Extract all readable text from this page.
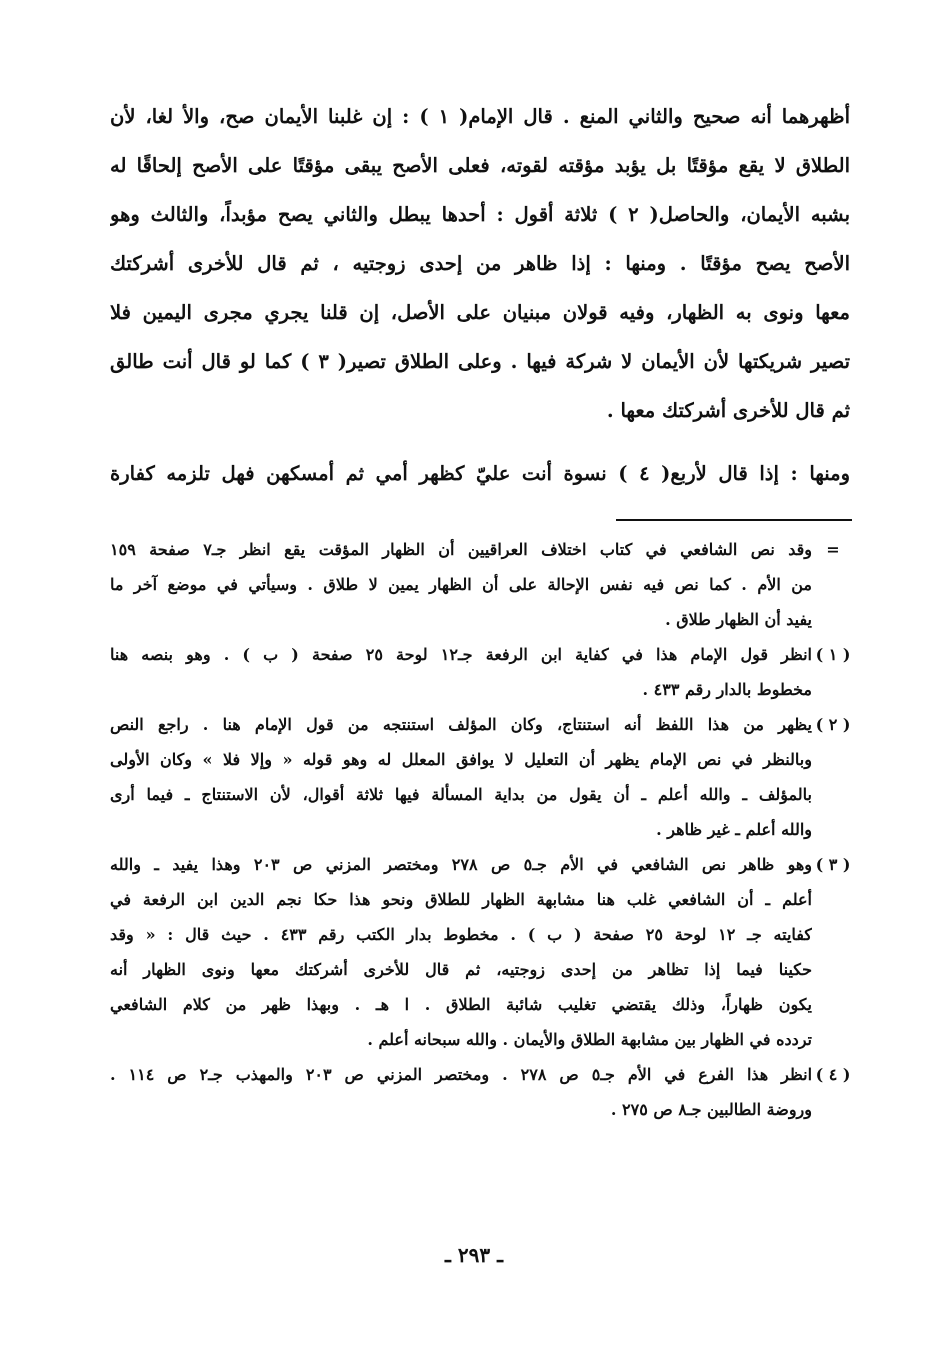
أظهرهما أنه صحيح والثاني المنع . قال الإمام( ١ ) : إن غلبنا الأيمان صح، والأ لغا، لأن
الطلاق لا يقع مؤقتًا بل يؤبد مؤقته لقوته، فعلى الأصح يبقى مؤقتًا على الأصح إلحاقًا له
بشبه الأيمان، والحاصل( ٢ ) ثلاثة أقول : أحدها يبطل والثاني يصح مؤبداً، والثالث وهو
الأصح يصح مؤقتًا . ومنها : إذا ظاهر من إحدى زوجتيه ، ثم قال للأخرى أشركتك
معها ونوى به الظهار، وفيه قولان مبنيان على الأصل، إن قلنا يجري مجرى اليمين فلا
تصير شريكتها لأن الأيمان لا شركة فيها . وعلى الطلاق تصير( ٣ ) كما لو قال أنت طالق
ثم قال للأخرى أشركتك معها .
ومنها : إذا قال لأربع( ٤ ) نسوة أنت عليّ كظهر أمي ثم أمسكهن فهل تلزمه كفارة
=
وقد نص الشافعي في كتاب اختلاف العراقيين أن الظهار المؤقت يقع انظر جـ٧ صفحة ١٥٩
من الأم . كما نص فيه نفس الإحالة على أن الظهار يمين لا طلاق . وسيأتي في موضع آخر ما
يفيد أن الظهار طلاق .
( ١ )
انظر قول الإمام هذا في كفاية ابن الرفعة جـ١٢ لوحة ٢٥ صفحة ( ب ) . وهو بنصه هنا
مخطوط بالدار رقم ٤٣٣ .
( ٢ )
يظهر من هذا اللفظ أنه استنتاج، وكان المؤلف استنتجه من قول الإمام هنا . راجع النص
وبالنظر في نص الإمام يظهر أن التعليل لا يوافق المعلل له وهو قوله « وإلا فلا » وكان الأولى
بالمؤلف ـ والله أعلم ـ أن يقول من بداية المسألة فيها ثلاثة أقوال، لأن الاستنتاج ـ فيما أرى
والله أعلم ـ غير ظاهر .
( ٣ )
وهو ظاهر نص الشافعي في الأم جـ٥ ص ٢٧٨ ومختصر المزني ص ٢٠٣ وهذا يفيد ـ والله
أعلم ـ أن الشافعي غلب هنا مشابهة الظهار للطلاق ونحو هذا حكا نجم الدين ابن الرفعة في
كفايته جـ ١٢ لوحة ٢٥ صفحة ( ب ) . مخطوط بدار الكتب رقم ٤٣٣ . حيث قال : « وقد
حكينا فيما إذا تظاهر من إحدى زوجتيه، ثم قال للأخرى أشركتك معها ونوى الظهار أنه
يكون ظهاراً، وذلك يقتضي تغليب شائبة الطلاق . ا هـ . وبهذا ظهر من كلام الشافعي
تردده في الظهار بين مشابهة الطلاق والأيمان . والله سبحانه أعلم .
( ٤ )
انظر هذا الفرع في الأم جـ٥ ص ٢٧٨ . ومختصر المزني ص ٢٠٣ والمهذب جـ٢ ص ١١٤ .
وروضة الطالبين جـ٨ ص ٢٧٥ .
ـ ٢٩٣ ـ
